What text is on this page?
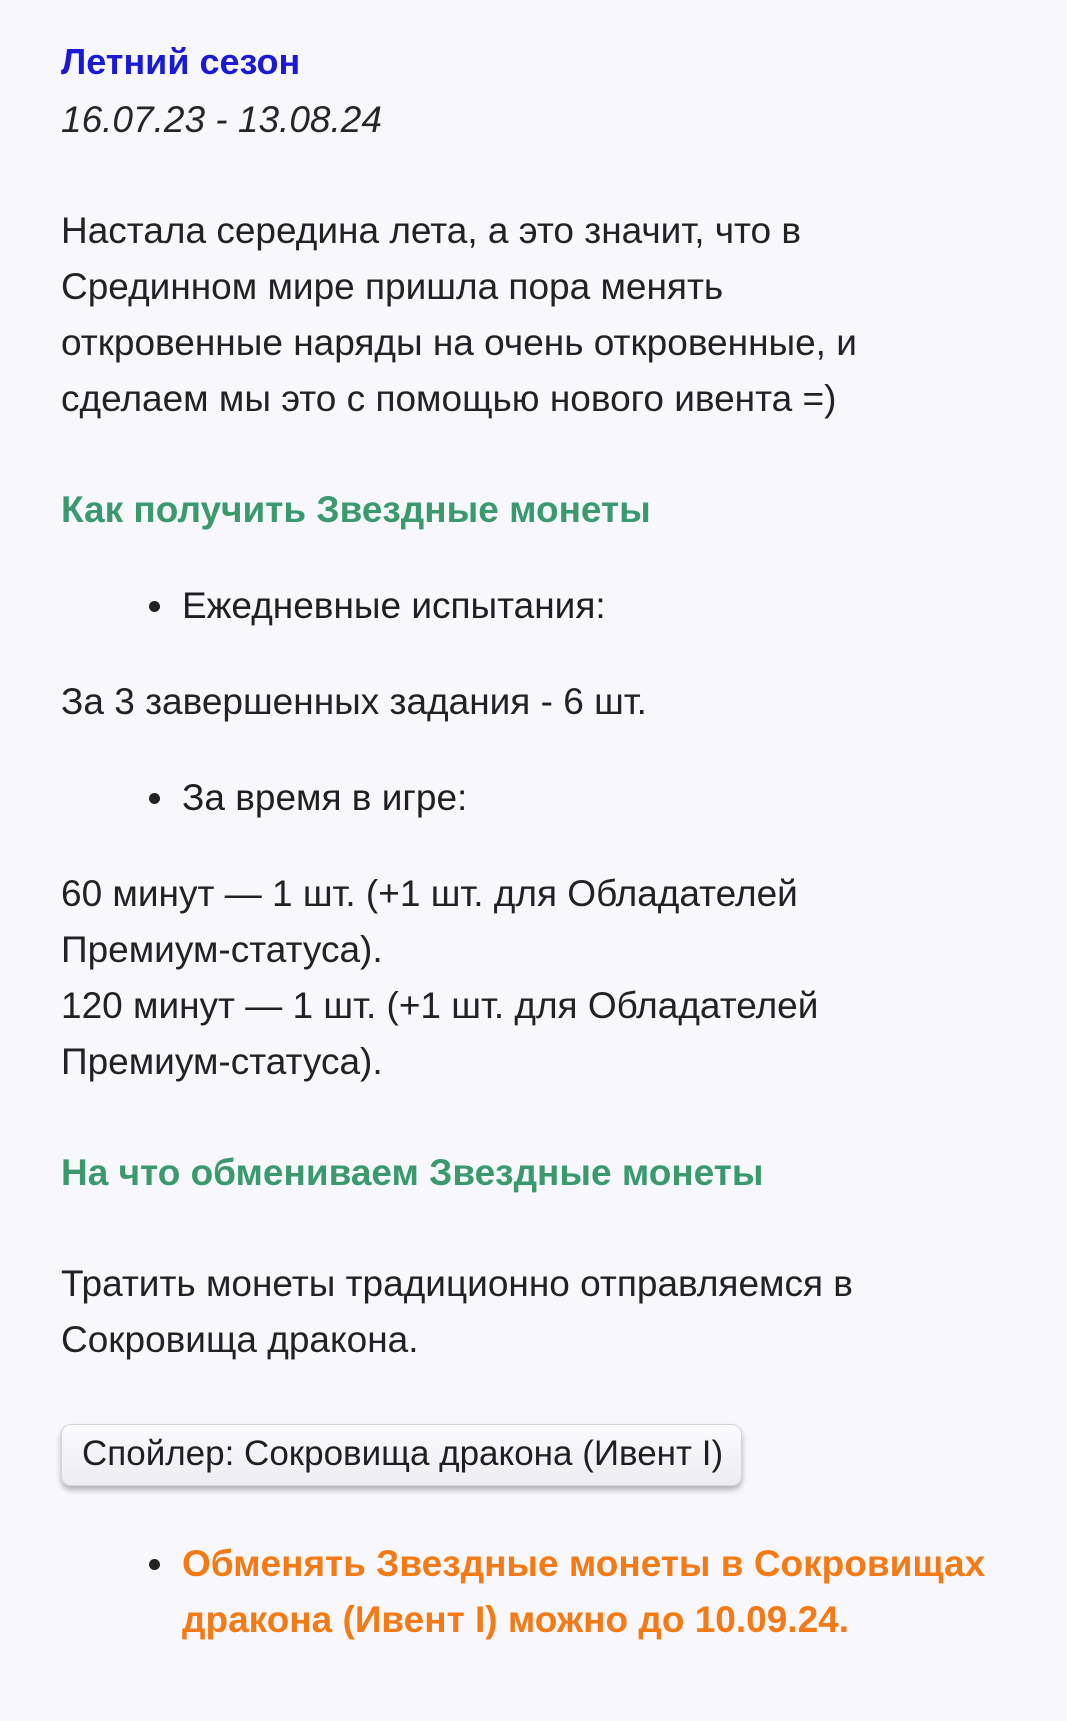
Летний сезон

16.07.23 - 13.08.24

Настала середина лета, а это значит, что в
Срединном мире пришла пора менять
откровенные наряды на очень откровенные, и
сделаем мы это с помощью нового ивента =)

Как получить Звездные монеты

Ежедневные испытания:

За 3 завершенных задания - 6 шт.

За время в игре:
60 минут — 1 шт. (+1 шт. для Обладателей
Премиум-статуса).
120 минут — 1 шт. (+1 шт. для Обладателей
Премиум-статуса).

На что обмениваем Звездные монеты

Тратить монеты традиционно отправляемся в
Сокровища дракона.
Спойлер: Сокровища дракона (Ивент I)
Обменять Звездные монеты в Сокровищах
дракона (Ивент I) можно до 10.09.24.
